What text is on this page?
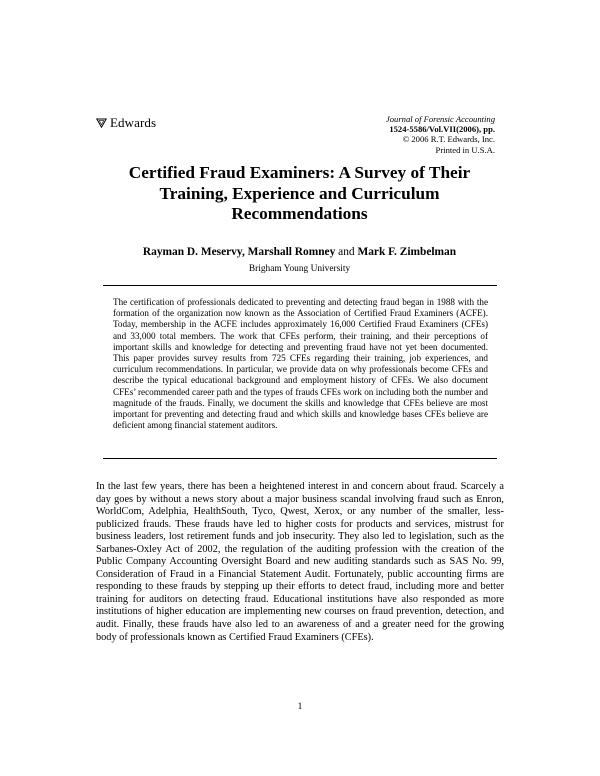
Edwards	Journal of Forensic Accounting
1524-5586/Vol.VII(2006), pp.
© 2006 R.T. Edwards, Inc.
Printed in U.S.A.
Certified Fraud Examiners: A Survey of Their Training, Experience and Curriculum Recommendations
Rayman D. Meservy, Marshall Romney and Mark F. Zimbelman
Brigham Young University

The certification of professionals dedicated to preventing and detecting fraud began in 1988 with the formation of the organization now known as the Association of Certified Fraud Examiners (ACFE). Today, membership in the ACFE includes approximately 16,000 Certified Fraud Examiners (CFEs) and 33,000 total members. The work that CFEs perform, their training, and their perceptions of important skills and knowledge for detecting and preventing fraud have not yet been documented. This paper provides survey results from 725 CFEs regarding their training, job experiences, and curriculum recommendations. In particular, we provide data on why professionals become CFEs and describe the typical educational background and employment history of CFEs. We also document CFEs’ recommended career path and the types of frauds CFEs work on including both the number and magnitude of the frauds. Finally, we document the skills and knowledge that CFEs believe are most important for preventing and detecting fraud and which skills and knowledge bases CFEs believe are deficient among financial statement auditors.

In the last few years, there has been a heightened interest in and concern about fraud. Scarcely a day goes by without a news story about a major business scandal involving fraud such as Enron, WorldCom, Adelphia, HealthSouth, Tyco, Qwest, Xerox, or any number of the smaller, less-publicized frauds. These frauds have led to higher costs for products and services, mistrust for business leaders, lost retirement funds and job insecurity. They also led to legislation, such as the Sarbanes-Oxley Act of 2002, the regulation of the auditing profession with the creation of the Public Company Accounting Oversight Board and new auditing standards such as SAS No. 99, Consideration of Fraud in a Financial Statement Audit. Fortunately, public accounting firms are responding to these frauds by stepping up their efforts to detect fraud, including more and better training for auditors on detecting fraud. Educational institutions have also responded as more institutions of higher education are implementing new courses on fraud prevention, detection, and audit. Finally, these frauds have also led to an awareness of and a greater need for the growing body of professionals known as Certified Fraud Examiners (CFEs).

1
